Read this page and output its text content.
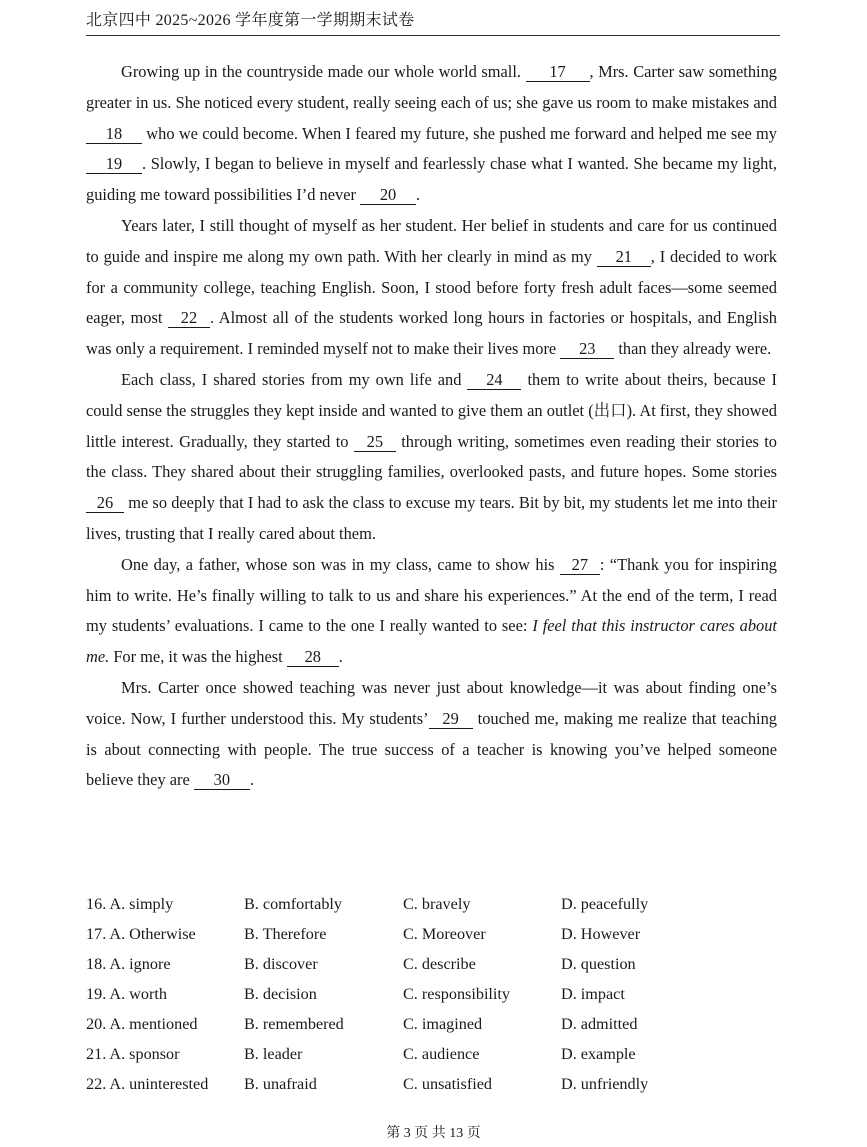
北京四中 2025~2026 学年度第一学期期末试卷

Growing up in the countryside made our whole world small. 17 , Mrs. Carter saw something greater in us. She noticed every student, really seeing each of us; she gave us room to make mistakes and 18 who we could become. When I feared my future, she pushed me forward and helped me see my 19 . Slowly, I began to believe in myself and fearlessly chase what I wanted. She became my light, guiding me toward possibilities I’d never 20 .

Years later, I still thought of myself as her student. Her belief in students and care for us continued to guide and inspire me along my own path. With her clearly in mind as my 21 , I decided to work for a community college, teaching English. Soon, I stood before forty fresh adult faces—some seemed eager, most 22 . Almost all of the students worked long hours in factories or hospitals, and English was only a requirement. I reminded myself not to make their lives more 23 than they already were.

Each class, I shared stories from my own life and 24 them to write about theirs, because I could sense the struggles they kept inside and wanted to give them an outlet (出口). At first, they showed little interest. Gradually, they started to 25 through writing, sometimes even reading their stories to the class. They shared about their struggling families, overlooked pasts, and future hopes. Some stories 26 me so deeply that I had to ask the class to excuse my tears. Bit by bit, my students let me into their lives, trusting that I really cared about them.

One day, a father, whose son was in my class, came to show his 27 : “Thank you for inspiring him to write. He’s finally willing to talk to us and share his experiences.” At the end of the term, I read my students’ evaluations. I came to the one I really wanted to see: I feel that this instructor cares about me. For me, it was the highest 28 .

Mrs. Carter once showed teaching was never just about knowledge—it was about finding one’s voice. Now, I further understood this. My students’ 29 touched me, making me realize that teaching is about connecting with people. The true success of a teacher is knowing you’ve helped someone believe they are 30 .

16. A. simply	B. comfortably	C. bravely	D. peacefully
17. A. Otherwise	B. Therefore	C. Moreover	D. However
18. A. ignore	B. discover	C. describe	D. question
19. A. worth	B. decision	C. responsibility	D. impact
20. A. mentioned	B. remembered	C. imagined	D. admitted
21. A. sponsor	B. leader	C. audience	D. example
22. A. uninterested	B. unafraid	C. unsatisfied	D. unfriendly
第 3 页 共 13 页
